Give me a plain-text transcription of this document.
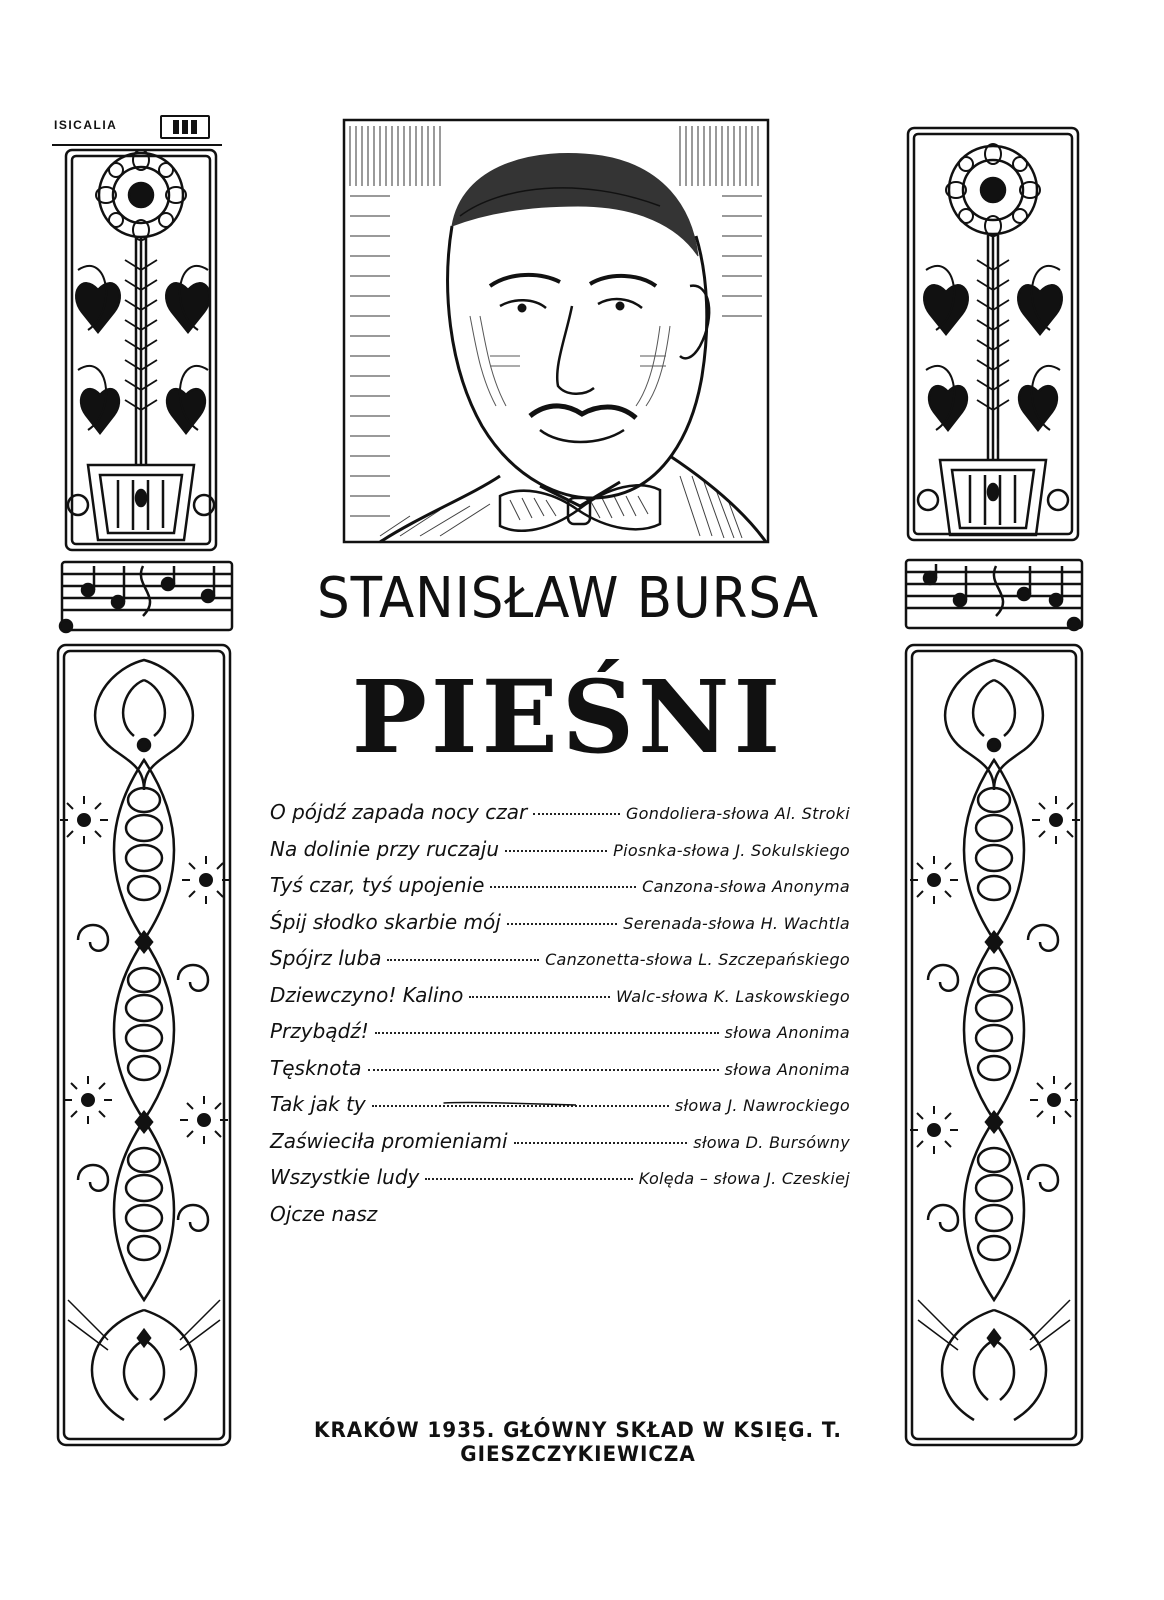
ISICALIA
STANISŁAW BURSA
PIEŚNI
O pójdź zapada nocy czar	Gondoliera-słowa Al. Stroki
Na dolinie przy ruczaju	Piosnka-słowa J. Sokulskiego
Tyś czar, tyś upojenie	Canzona-słowa Anonyma
Śpij słodko skarbie mój	Serenada-słowa H. Wachtla
Spójrz luba	Canzonetta-słowa L. Szczepańskiego
Dziewczyno! Kalino	Walc-słowa K. Laskowskiego
Przybądź!	słowa Anonima
Tęsknota	słowa Anonima
Tak jak ty	słowa J. Nawrockiego
Zaświeciła promieniami	słowa D. Bursówny
Wszystkie ludy	Kolęda – słowa J. Czeskiej
Ojcze nasz
KRAKÓW 1935. GŁÓWNY SKŁAD W KSIĘG. T. GIESZCZYKIEWICZA
